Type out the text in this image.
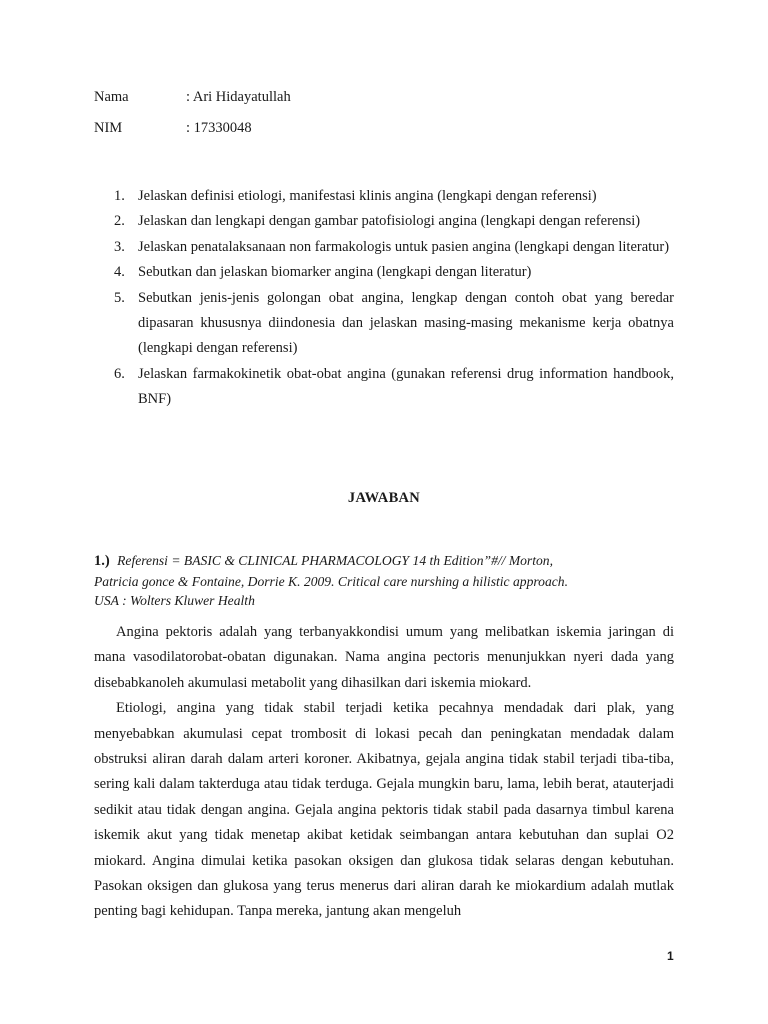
Nama	: Ari Hidayatullah
NIM	: 17330048
1. Jelaskan definisi etiologi, manifestasi klinis angina (lengkapi dengan referensi)
2. Jelaskan dan lengkapi dengan gambar patofisiologi angina (lengkapi dengan referensi)
3. Jelaskan penatalaksanaan non farmakologis untuk pasien angina (lengkapi dengan literatur)
4. Sebutkan dan jelaskan biomarker angina (lengkapi dengan literatur)
5. Sebutkan jenis-jenis golongan obat angina, lengkap dengan contoh obat yang beredar dipasaran khususnya diindonesia dan jelaskan masing-masing mekanisme kerja obatnya (lengkapi dengan referensi)
6. Jelaskan farmakokinetik obat-obat angina (gunakan referensi drug information handbook, BNF)
JAWABAN
1.) Referensi = BASIC & CLINICAL PHARMACOLOGY 14 th Edition”#// Morton,
Patricia gonce & Fontaine, Dorrie K. 2009. Critical care nurshing a hilistic approach.
USA : Wolters Kluwer Health

Angina pektoris adalah yang terbanyakkondisi umum yang melibatkan iskemia jaringan di mana vasodilatorobat-obatan digunakan. Nama angina pectoris menunjukkan nyeri dada yang disebabkanoleh akumulasi metabolit yang dihasilkan dari iskemia miokard.

Etiologi, angina yang tidak stabil terjadi ketika pecahnya mendadak dari plak, yang menyebabkan akumulasi cepat trombosit di lokasi pecah dan peningkatan mendadak dalam obstruksi aliran darah dalam arteri koroner. Akibatnya, gejala angina tidak stabil terjadi tiba-tiba, sering kali dalam takterduga atau tidak terduga. Gejala mungkin baru, lama, lebih berat, atauterjadi sedikit atau tidak dengan angina. Gejala angina pektoris tidak stabil pada dasarnya timbul karena iskemik akut yang tidak menetap akibat ketidak seimbangan antara kebutuhan dan suplai O2 miokard. Angina dimulai ketika pasokan oksigen dan glukosa tidak selaras dengan kebutuhan. Pasokan oksigen dan glukosa yang terus menerus dari aliran darah ke miokardium adalah mutlak penting bagi kehidupan. Tanpa mereka, jantung akan mengeluh

1
